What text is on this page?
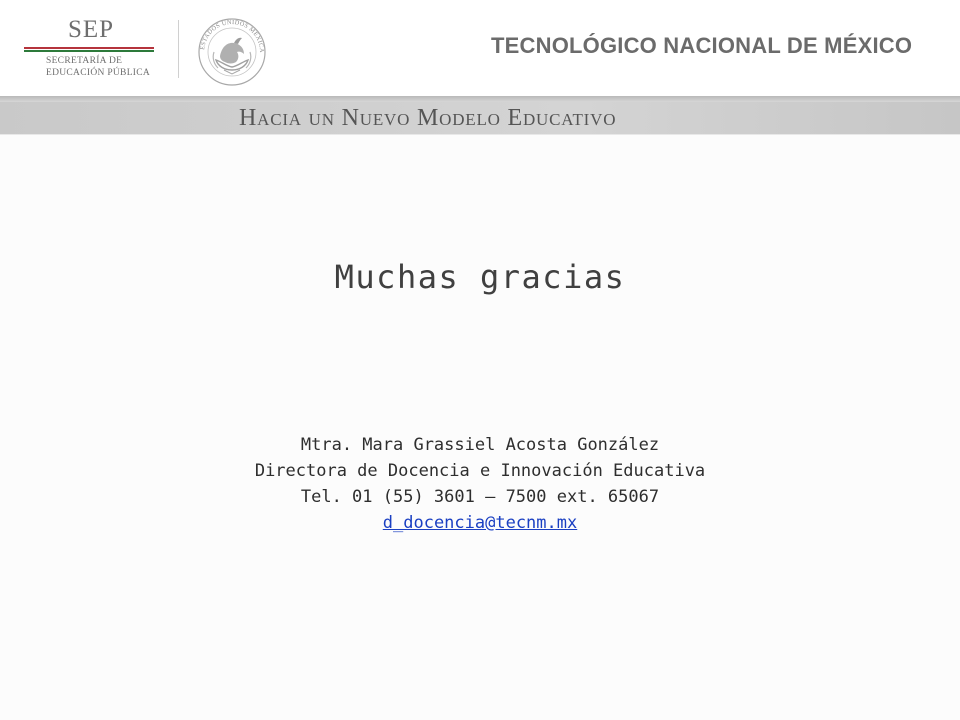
SEP
SECRETARÍA DE
EDUCACIÓN PÚBLICA
ESTADOS UNIDOS MEXICA	TECNOLÓGICO NACIONAL DE MÉXICO
Hacia un Nuevo Modelo Educativo
Muchas gracias
Mtra. Mara Grassiel Acosta González
Directora de Docencia e Innovación Educativa
Tel. 01 (55) 3601 – 7500 ext. 65067
d_docencia@tecnm.mx
